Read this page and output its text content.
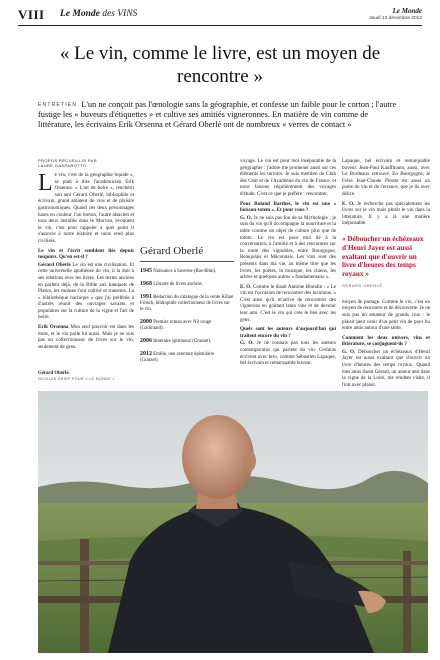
VIII Le Monde des VINS	Le Monde
Jeudi 13 décembre 2012
« Le vin, comme le livre, est un moyen de rencontre »

ENTRETIEN L'un ne conçoit pas l'œnologie sans la géographie, et confesse un faible pour le corton ; l'autre fustige les « buveurs d'étiquettes » et cultive ses amitiés vigneronnes. En matière de vin comme de littérature, les écrivains Erik Orsenna et Gérard Oberlé ont de nombreux « verres de contact »

PROPOS RECUEILLIS PAR
LAURE GASPAROTTO

Le vin, c'est de la géographie liquide », se plaît à dire l'académicien Erik Orsenna. « L'art de boire », renchérit son ami Gérard Oberlé, bibliophile et écrivain, grand amateur de vins et de plaisirs gastronomiques. Quand ces deux personnages hauts en couleur, l'un breton, l'autre alsacien et tous deux installés dans le Morvan, évoquent le vin, c'est pour rappeler à quel point il s'associe à notre histoire et nous rend plus civilisés.

Le vin et l'écrit semblent liés depuis toujours. Qu'en est-il ?

Gérard Oberlé Le vin est une civilisation. Et cette universelle apothéose du vin, il la doit à ses relations avec les livres. Les textes anciens en parlent déjà, de la Bible aux banquets de Platon, les moines l'ont cultivé et transmis. La « bibliothèque bachique » que j'ai préférée à d'autres réunit des ouvrages savants et populaires sur la culture de la vigne et l'art de boire.

Erik Orsenna Mon seul pouvoir est dans les mots, et le vin parle lui aussi. Mais je ne suis pas un collectionneur de livres sur le vin, seulement de gens.

Gérard Oberlé
1945 Naissance à Saverne (Bas-Rhin).
1968 Libraire de livres anciens.
1991 Rédaction du catalogue de la vente Kilian Fritsch, bibliophile collectionneur de livres sur le vin.
2000 Premier roman avec Nil rouge (Gallimard).
2006 Itinéraire spiritueux (Grasset).
2012 Emilie, une aventure épistolaire (Grasset).

voyage. Le vin est pour moi inséparable de la géographie : j'adore me promener aussi sur ces éléments les terroirs. Je suis membre du Club des Cent et de l'Académie du vin de France, et nous faisons régulièrement des voyages d'étude. C'est ce que je préfère : rencontrer.

Pour Roland Barthes, le vin est une « boisson-totem ». Et pour vous ?

G. O. Je ne suis pas fou de sa Mythologie ; je suis du vin qu'il accompagne la nourriture et la table comme un objet de culture plus que de totem. Le vin est pour moi lié à la conversation, à l'amitié et à des rencontres sur la route des vignobles, entre Bourgogne, Beaujolais et Mâconnais. Les vins sont des présents dans ma vie, au même titre que les livres, les poètes, la musique, les chiens, les arbres et quelques autres « fondamentaux ».

E. O. Comme le disait Antoine Blondin : « Le vin est l'occasion de rencontrer des inconnus. » C'est ainsi qu'il m'arrive de rencontrer des vignerons en goûtant leurs vins et de devenir leur ami. C'est le vin qui crée le lien avec les gens.

Quels sont les auteurs d'aujourd'hui qui traitent encore du vin ?

G. O. Je ne connais pas tous les auteurs contemporains qui parlent du vin. Certains écrivent avec brio, comme Sébastien Lapaque, bel écrivain et remarquable buveur.

Lapaque, bel écrivain et remarquable buveur. Jean-Paul Kauffmann, aussi, avec Le Bordeaux retrouvé. En Bourgogne, le Frère Jean-Claude Pirotte est aussi un poète du vin et de l'errance, que je lis avec délice.

E. O. Je recherche pas spécialement les livres sur le vin mais plutôt le vin dans la littérature. Il y a là une matière inépuisable.

« Déboucher un échézeaux d'Henri Jayer est aussi exaltant que d'ouvrir un livre d'heures des temps royaux »
GÉRARD OBERLÉ

moyen de partage. Comme le vin, c'est un moyen de rencontre et de découverte. Je ne suis pas un amateur de grands crus : le plaisir peut venir d'un petit vin de pays bu entre amis autour d'une table.

Comment les deux univers, vins et littérature, se conjuguent-ils ?

G. O. Déboucher un échézeaux d'Henri Jayer est aussi exaltant que d'ouvrir un livre d'heures des temps royaux. Quand mes amis lisent Gérard, un auteur ami dans la vigne de la Loire, me rendent visite, il finit avec plaisir.

Gérard Oberlé.
NICOLAS KRIEF POUR « LE MONDE »
